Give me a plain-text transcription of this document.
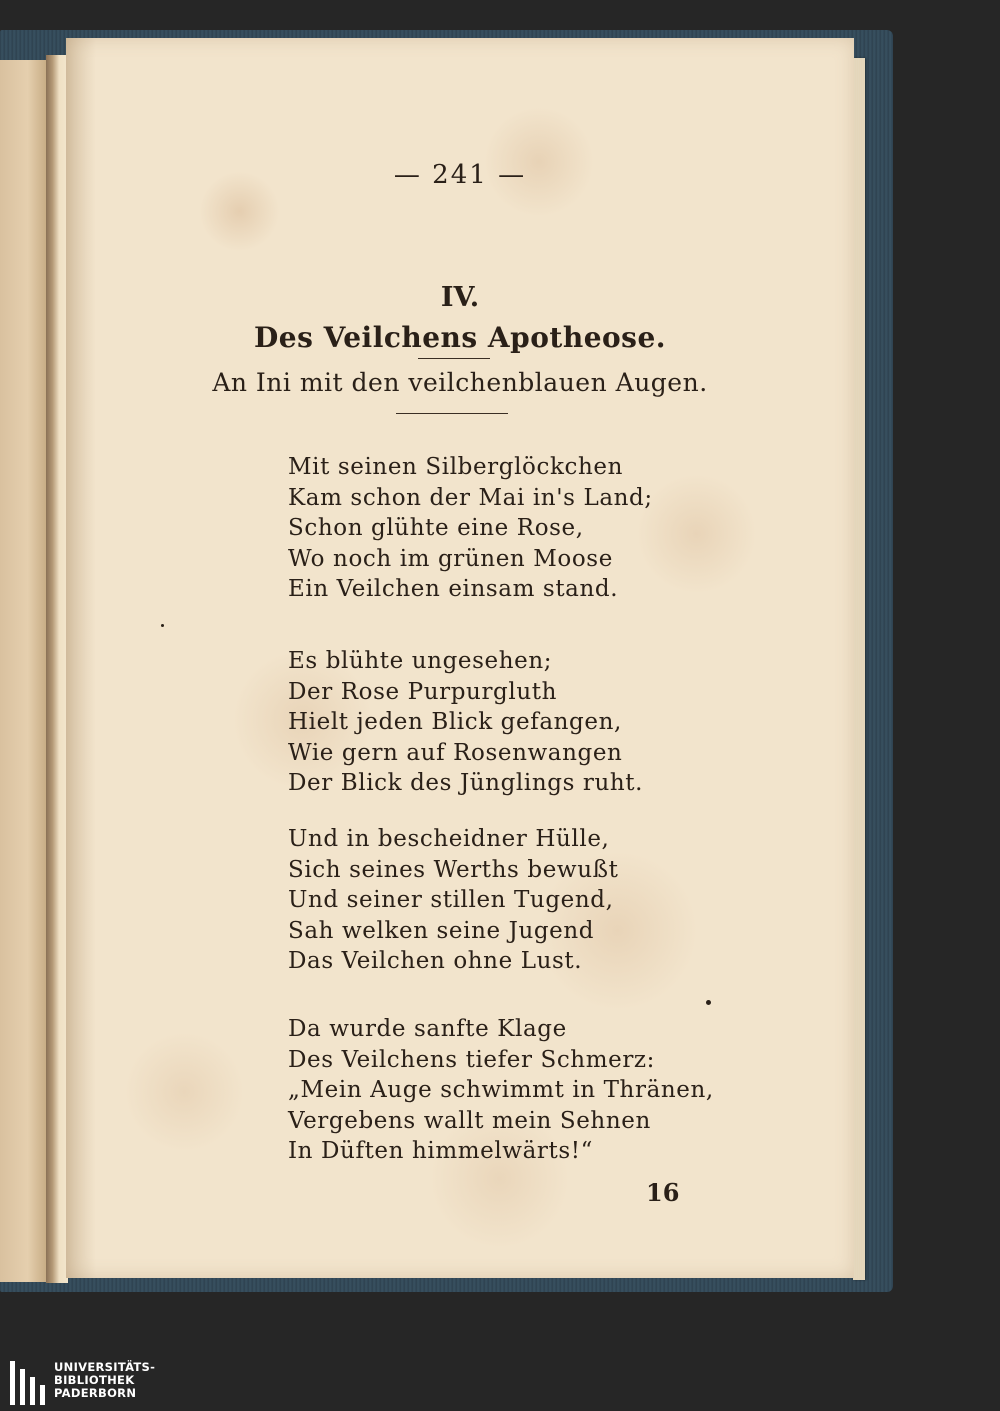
— 241 —
IV.
Des Veilchens Apotheose.
An Ini mit den veilchenblauen Augen.
Mit seinen Silberglöckchen
Kam schon der Mai in's Land;
Schon glühte eine Rose,
Wo noch im grünen Moose
Ein Veilchen einsam stand.
Es blühte ungesehen;
Der Rose Purpurgluth
Hielt jeden Blick gefangen,
Wie gern auf Rosenwangen
Der Blick des Jünglings ruht.
Und in bescheidner Hülle,
Sich seines Werths bewußt
Und seiner stillen Tugend,
Sah welken seine Jugend
Das Veilchen ohne Lust.
Da wurde sanfte Klage
Des Veilchens tiefer Schmerz:
„Mein Auge schwimmt in Thränen,
Vergebens wallt mein Sehnen
In Düften himmelwärts!“
16
UNIVERSITÄTS-
BIBLIOTHEK
PADERBORN
